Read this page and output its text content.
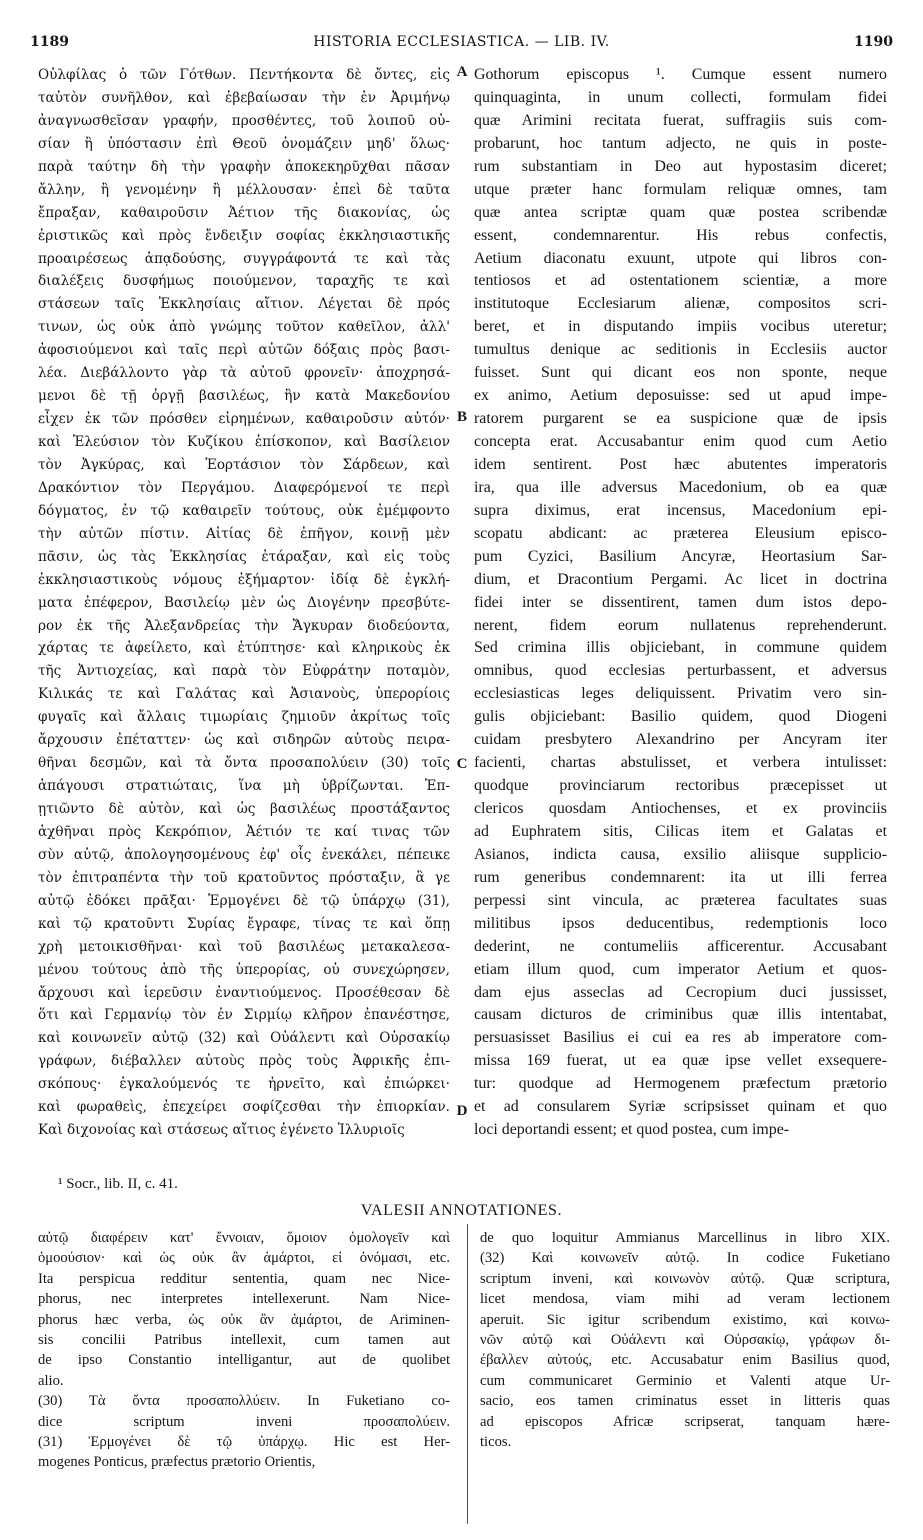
1189	HISTORIA ECCLESIASTICA. — LIB. IV.	1190
Οὐλφίλας ὁ τῶν Γότθων. Πεντήκοντα δὲ ὄντες, εἰς
ταὐτὸν συνῆλθον, καὶ ἐβεβαίωσαν τὴν ἐν Ἀριμήνῳ
ἀναγνωσθεῖσαν γραφήν, προσθέντες, τοῦ λοιποῦ οὐ-
σίαν ἢ ὑπόστασιν ἐπὶ Θεοῦ ὀνομάζειν μηδ' ὅλως·
παρὰ ταύτην δὴ τὴν γραφὴν ἀποκεκηρῦχθαι πᾶσαν
ἄλλην, ἢ γενομένην ἢ μέλλουσαν· ἐπεὶ δὲ ταῦτα
ἔπραξαν, καθαιροῦσιν Ἀέτιον τῆς διακονίας, ὡς
ἐριστικῶς καὶ πρὸς ἔνδειξιν σοφίας ἐκκλησιαστικῆς
προαιρέσεως ἀπᾳδούσης, συγγράφοντά τε καὶ τὰς
διαλέξεις δυσφήμως ποιούμενον, ταραχῆς τε καὶ
στάσεων ταῖς Ἐκκλησίαις αἴτιον. Λέγεται δὲ πρός
τινων, ὡς οὐκ ἀπὸ γνώμης τοῦτον καθεῖλον, ἀλλ'
ἀφοσιούμενοι καὶ ταῖς περὶ αὐτῶν δόξαις πρὸς βασι-
λέα. Διεβάλλοντο γὰρ τὰ αὐτοῦ φρονεῖν· ἀποχρησά-
μενοι δὲ τῇ ὀργῇ βασιλέως, ἣν κατὰ Μακεδονίου
εἶχεν ἐκ τῶν πρόσθεν εἰρημένων, καθαιροῦσιν αὐτόν·
καὶ Ἐλεύσιον τὸν Κυζίκου ἐπίσκοπον, καὶ Βασίλειον
τὸν Ἀγκύρας, καὶ Ἑορτάσιον τὸν Σάρδεων, καὶ
Δρακόντιον τὸν Περγάμου. Διαφερόμενοί τε περὶ
δόγματος, ἐν τῷ καθαιρεῖν τούτους, οὐκ ἐμέμφοντο
τὴν αὐτῶν πίστιν. Αἰτίας δὲ ἐπῆγον, κοινῇ μὲν
πᾶσιν, ὡς τὰς Ἐκκλησίας ἐτάραξαν, καὶ εἰς τοὺς
ἐκκλησιαστικοὺς νόμους ἐξήμαρτον· ἰδίᾳ δὲ ἐγκλή-
ματα ἐπέφερον, Βασιλείῳ μὲν ὡς Διογένην πρεσβύτε-
ρον ἐκ τῆς Ἀλεξανδρείας τὴν Ἄγκυραν διοδεύοντα,
χάρτας τε ἀφείλετο, καὶ ἐτύπτησε· καὶ κληρικοὺς ἐκ
τῆς Ἀντιοχείας, καὶ παρὰ τὸν Εὐφράτην ποταμὸν,
Κιλικάς τε καὶ Γαλάτας καὶ Ἀσιανοὺς, ὑπερορίοις
φυγαῖς καὶ ἄλλαις τιμωρίαις ζημιοῦν ἀκρίτως τοῖς
ἄρχουσιν ἐπέταττεν· ὡς καὶ σιδηρῶν αὐτοὺς πειρα-
θῆναι δεσμῶν, καὶ τὰ ὄντα προσαπολύειν (30) τοῖς
ἀπάγουσι στρατιώταις, ἵνα μὴ ὑβρίζωνται. Ἐπ-
ῃτιῶντο δὲ αὐτὸν, καὶ ὡς βασιλέως προστάξαντος
ἀχθῆναι πρὸς Κεκρόπιον, Ἀέτιόν τε καί τινας τῶν
σὺν αὐτῷ, ἀπολογησομένους ἐφ' οἷς ἐνεκάλει, πέπεικε
τὸν ἐπιτραπέντα τὴν τοῦ κρατοῦντος πρόσταξιν, ἃ γε
αὐτῷ ἐδόκει πρᾶξαι· Ἑρμογένει δὲ τῷ ὑπάρχῳ (31),
καὶ τῷ κρατοῦντι Συρίας ἔγραφε, τίνας τε καὶ ὅπῃ
χρὴ μετοικισθῆναι· καὶ τοῦ βασιλέως μετακαλεσα-
μένου τούτους ἀπὸ τῆς ὑπερορίας, οὐ συνεχώρησεν,
ἄρχουσι καὶ ἱερεῦσιν ἐναντιούμενος. Προσέθεσαν δὲ
ὅτι καὶ Γερμανίῳ τὸν ἐν Σιρμίῳ κλῆρον ἐπανέστησε,
καὶ κοινωνεῖν αὐτῷ (32) καὶ Οὐάλεντι καὶ Οὐρσακίῳ
γράφων, διέβαλλεν αὐτοὺς πρὸς τοὺς Ἀφρικῆς ἐπι-
σκόπους· ἐγκαλούμενός τε ἠρνεῖτο, καὶ ἐπιώρκει·
καὶ φωραθεὶς, ἐπεχείρει σοφίζεσθαι τὴν ἐπιορκίαν.
Καὶ διχονοίας καὶ στάσεως αἴτιος ἐγένετο Ἰλλυριοῖς
A
B
C
D
Gothorum episcopus ¹. Cumque essent numero
quinquaginta, in unum collecti, formulam fidei
quæ Arimini recitata fuerat, suffragiis suis com-
probarunt, hoc tantum adjecto, ne quis in poste-
rum substantiam in Deo aut hypostasim diceret;
utque præter hanc formulam reliquæ omnes, tam
quæ antea scriptæ quam quæ postea scribendæ
essent, condemnarentur. His rebus confectis,
Aetium diaconatu exuunt, utpote qui libros con-
tentiosos et ad ostentationem scientiæ, a more
institutoque Ecclesiarum alienæ, compositos scri-
beret, et in disputando impiis vocibus uteretur;
tumultus denique ac seditionis in Ecclesiis auctor
fuisset. Sunt qui dicant eos non sponte, neque
ex animo, Aetium deposuisse: sed ut apud impe-
ratorem purgarent se ea suspicione quæ de ipsis
concepta erat. Accusabantur enim quod cum Aetio
idem sentirent. Post hæc abutentes imperatoris
ira, qua ille adversus Macedonium, ob ea quæ
supra diximus, erat incensus, Macedonium epi-
scopatu abdicant: ac præterea Eleusium episco-
pum Cyzici, Basilium Ancyræ, Heortasium Sar-
dium, et Dracontium Pergami. Ac licet in doctrina
fidei inter se dissentirent, tamen dum istos depo-
nerent, fidem eorum nullatenus reprehenderunt.
Sed crimina illis objiciebant, in commune quidem
omnibus, quod ecclesias perturbassent, et adversus
ecclesiasticas leges deliquissent. Privatim vero sin-
gulis objiciebant: Basilio quidem, quod Diogeni
cuidam presbytero Alexandrino per Ancyram iter
facienti, chartas abstulisset, et verbera intulisset:
quodque provinciarum rectoribus præcepisset ut
clericos quosdam Antiochenses, et ex provinciis
ad Euphratem sitis, Cilicas item et Galatas et
Asianos, indicta causa, exsilio aliisque supplicio-
rum generibus condemnarent: ita ut illi ferrea
perpessi sint vincula, ac præterea facultates suas
militibus ipsos deducentibus, redemptionis loco
dederint, ne contumeliis afficerentur. Accusabant
etiam illum quod, cum imperator Aetium et quos-
dam ejus asseclas ad Cecropium duci jussisset,
causam dicturos de criminibus quæ illis intentabat,
persuasisset Basilius ei cui ea res ab imperatore com-
missa 169 fuerat, ut ea quæ ipse vellet exsequere-
tur: quodque ad Hermogenem præfectum prætorio
et ad consularem Syriæ scripsisset quinam et quo
loci deportandi essent; et quod postea, cum impe-
¹ Socr., lib. II, c. 41.
VALESII ANNOTATIONES.
αὐτῷ διαφέρειν κατ' ἔννοιαν, ὅμοιον ὁμολογεῖν καὶ
ὁμοούσιον· καὶ ὡς οὐκ ἂν ἁμάρτοι, εἰ ὀνόμασι, etc.
Ita perspicua redditur sententia, quam nec Nice-
phorus, nec interpretes intellexerunt. Nam Nice-
phorus hæc verba, ὡς οὐκ ἂν ἁμάρτοι, de Ariminen-
sis concilii Patribus intellexit, cum tamen aut
de ipso Constantio intelligantur, aut de quolibet
alio.
(30) Τὰ ὄντα προσαπολλύειν. In Fuketiano co-
dice scriptum inveni προσαπολύειν.
(31) Ἑρμογένει δὲ τῷ ὑπάρχῳ. Hic est Her-
mogenes Ponticus, præfectus prætorio Orientis,
de quo loquitur Ammianus Marcellinus in libro XIX.
(32) Καὶ κοινωνεῖν αὐτῷ. In codice Fuketiano
scriptum inveni, καὶ κοινωνὸν αὐτῷ. Quæ scriptura,
licet mendosa, viam mihi ad veram lectionem
aperuit. Sic igitur scribendum existimo, καὶ κοινω-
νῶν αὐτῷ καὶ Οὐάλεντι καὶ Οὐρσακίῳ, γράφων δι-
έβαλλεν αὐτούς, etc. Accusabatur enim Basilius quod,
cum communicaret Germinio et Valenti atque Ur-
sacio, eos tamen criminatus esset in litteris quas
ad episcopos Africæ scripserat, tanquam hære-
ticos.
